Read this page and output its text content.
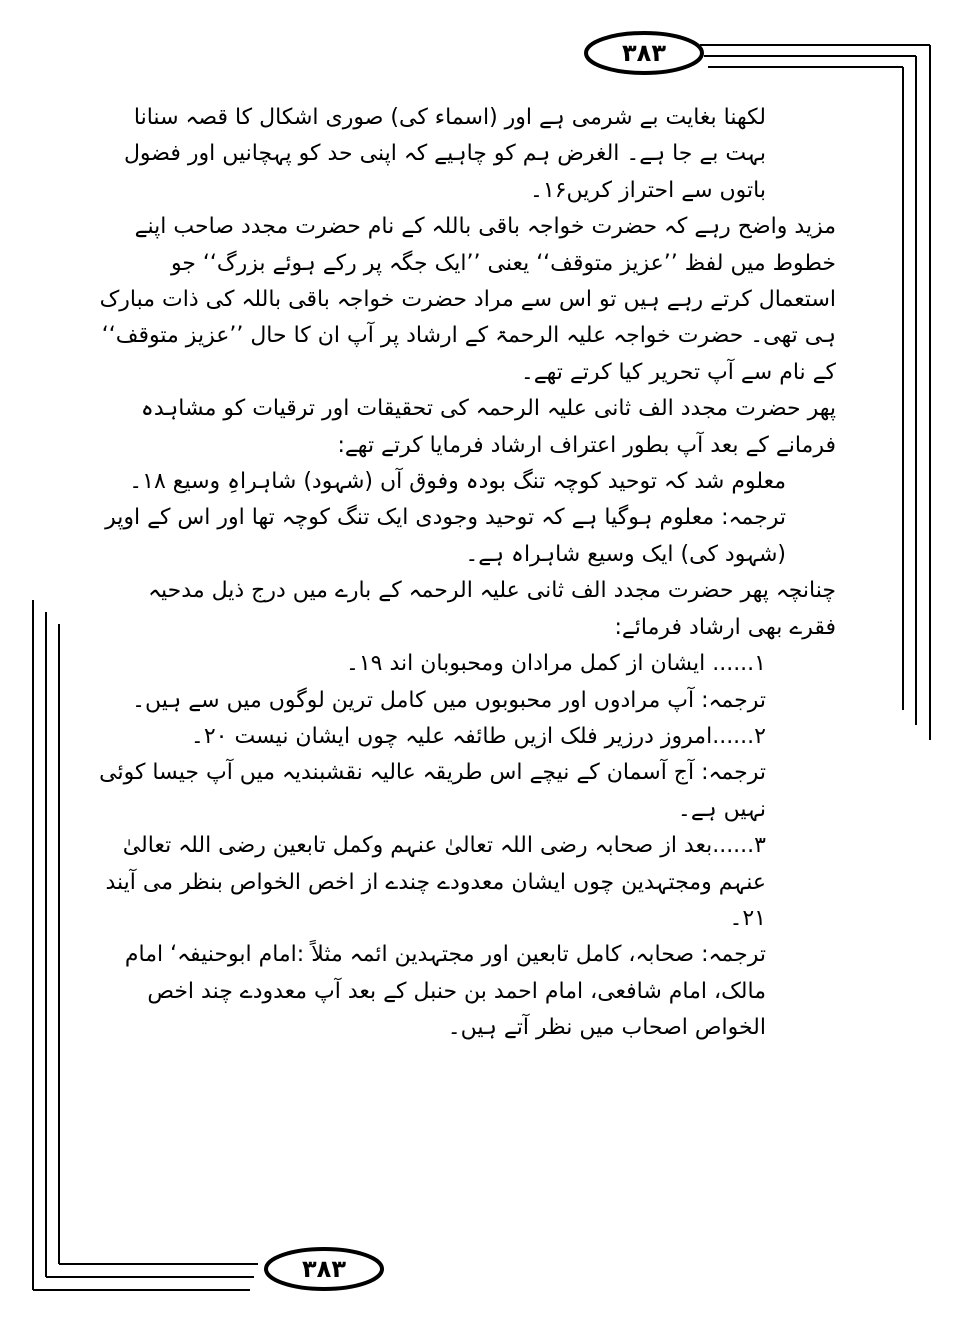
۳۸۳

لکھنا بغایت بے شرمی ہے اور (اسماء کی) صوری اشکال کا قصہ سنانا

بہت بے جا ہے۔ الغرض ہم کو چاہیے کہ اپنی حد کو پہچانیں اور فضول

باتوں سے احتراز کریں۱۶۔

مزید واضح رہے کہ حضرت خواجہ باقی باللہ کے نام حضرت مجدد صاحب اپنے خطوط میں لفظ ’’عزیز متوقف‘‘ یعنی ’’ایک جگہ پر رکے ہوئے بزرگ‘‘ جو استعمال کرتے رہے ہیں تو اس سے مراد حضرت خواجہ باقی باللہ کی ذات مبارک ہی تھی۔ حضرت خواجہ علیہ الرحمۃ کے ارشاد پر آپ ان کا حال ’’عزیز متوقف‘‘ کے نام سے آپ تحریر کیا کرتے تھے۔

پھر حضرت مجدد الف ثانی علیہ الرحمہ کی تحقیقات اور ترقیات کو مشاہدہ فرمانے کے بعد آپ بطور اعتراف ارشاد فرمایا کرتے تھے:

معلوم شد کہ توحید کوچہ تنگ بودہ وفوق آں (شہود) شاہراہِ وسیع ۱۸۔

ترجمہ: معلوم ہوگیا ہے کہ توحید وجودی ایک تنگ کوچہ تھا اور اس کے اوپر (شہود کی) ایک وسیع شاہراہ ہے۔

چنانچہ پھر حضرت مجدد الف ثانی علیہ الرحمہ کے بارے میں درج ذیل مدحیہ فقرے بھی ارشاد فرمائے:

۱...... ایشان از کمل مرادان ومحبوبان اند ۱۹۔

ترجمہ: آپ مرادوں اور محبوبوں میں کامل ترین لوگوں میں سے ہیں۔

۲......امروز درزیر فلک ازیں طائفہ علیہ چوں ایشان نیست ۲۰۔

ترجمہ: آج آسمان کے نیچے اس طریقہ عالیہ نقشبندیہ میں آپ جیسا کوئی نہیں ہے۔

۳......بعد از صحابہ رضی اللہ تعالیٰ عنہم وکمل تابعین رضی اللہ تعالیٰ عنہم ومجتہدین چوں ایشان معدودے چندے از اخص الخواص بنظر می آیند ۲۱۔

ترجمہ: صحابہ، کامل تابعین اور مجتہدین ائمہ مثلاً :امام ابوحنیفہ‘ امام مالک، امام شافعی، امام احمد بن حنبل کے بعد آپ معدودے چند اخص الخواص اصحاب میں نظر آتے ہیں۔

۳۸۳
